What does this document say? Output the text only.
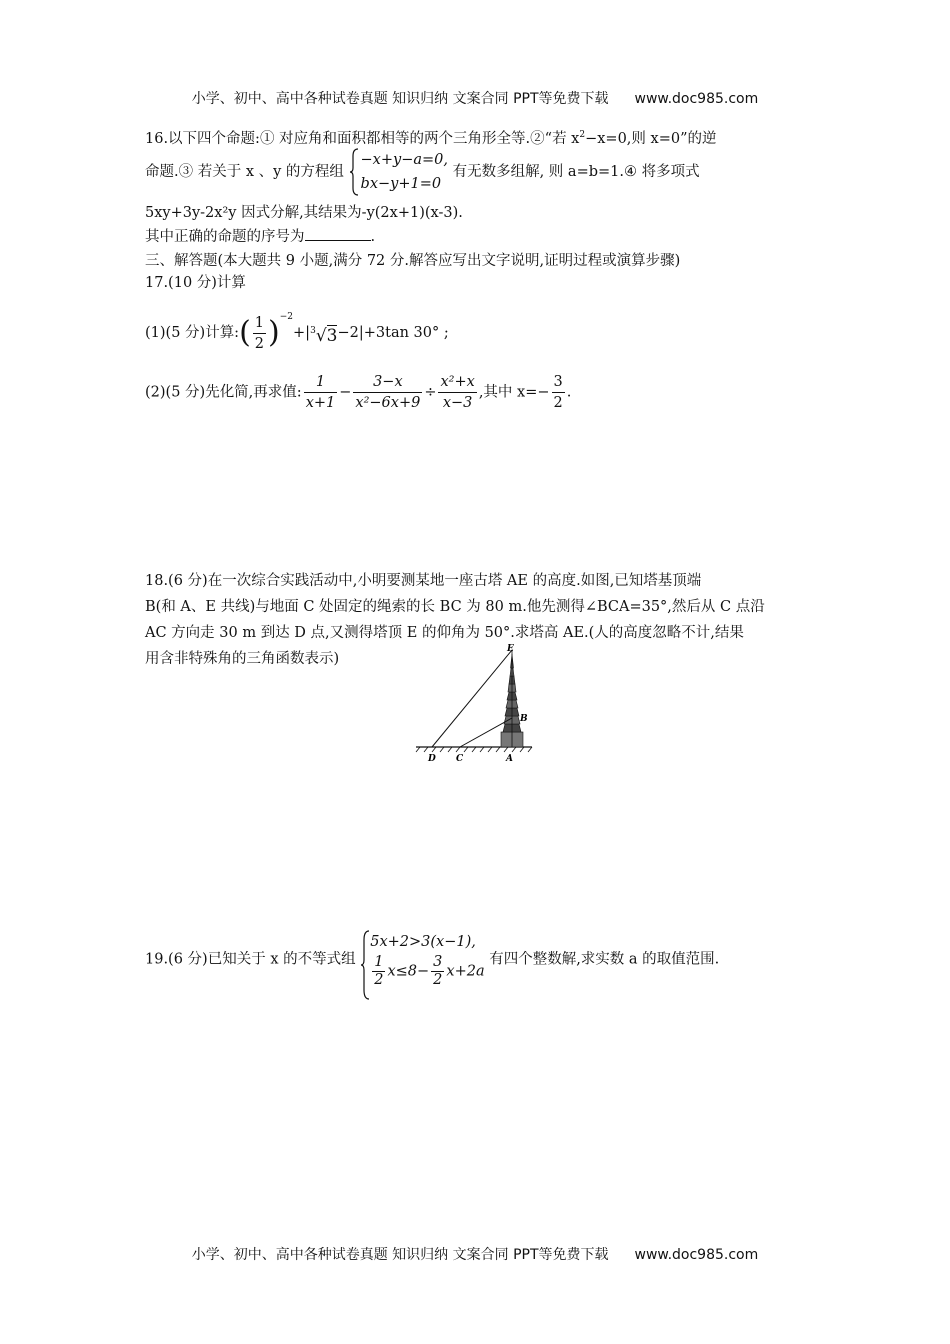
小学、初中、高中各种试卷真题 知识归纳 文案合同 PPT等免费下载 www.doc985.com
16.以下四个命题:① 对应角和面积都相等的两个三角形全等.②“若 $x^2-x=0$,则 x=0”的逆
命题.③ 若关于 x 、y 的方程组
−x+y−a=0,
bx−y+1=0
有无数多组解, 则 a=b=1.④ 将多项式
5xy+3y-2x²y 因式分解,其结果为-y(2x+1)(x-3).
其中正确的命题的序号为	.
三、解答题(本大题共 9 小题,满分 72 分.解答应写出文字说明,证明过程或演算步骤)
17.(10 分)计算
(1)(5 分)计算:( $\frac{1}{2} )^{-2}+|^3√3-2|+3\tan$ 30° ;
(2)(5 分)先化简,再求值: $\frac{1}{x+1} - \frac{3-x}{\text{x²−6x+9}} \div \frac{\text{x²+x}}{x-3}$ ,其中 $x=- \frac{3}{2}$ .
18.(6 分)在一次综合实践活动中,小明要测某地一座古塔 AE 的高度.如图,已知塔基顶端
B(和 A、E 共线)与地面 C 处固定的绳索的长 BC 为 80 m.他先测得∠BCA=35°,然后从 C 点沿
AC 方向走 30 m 到达 D 点,又测得塔顶 E 的仰角为 50°.求塔高 AE.(人的高度忽略不计,结果
用含非特殊角的三角函数表示)
E
B
D C	A
19.(6 分)已知关于 x 的不等式组
5x+2>3(x−1),
$\frac{1}{2} x\le 8- \frac{3}{2} x+2a$
有四个整数解,求实数 a 的取值范围.
小学、初中、高中各种试卷真题 知识归纳 文案合同 PPT等免费下载 www.doc985.com
